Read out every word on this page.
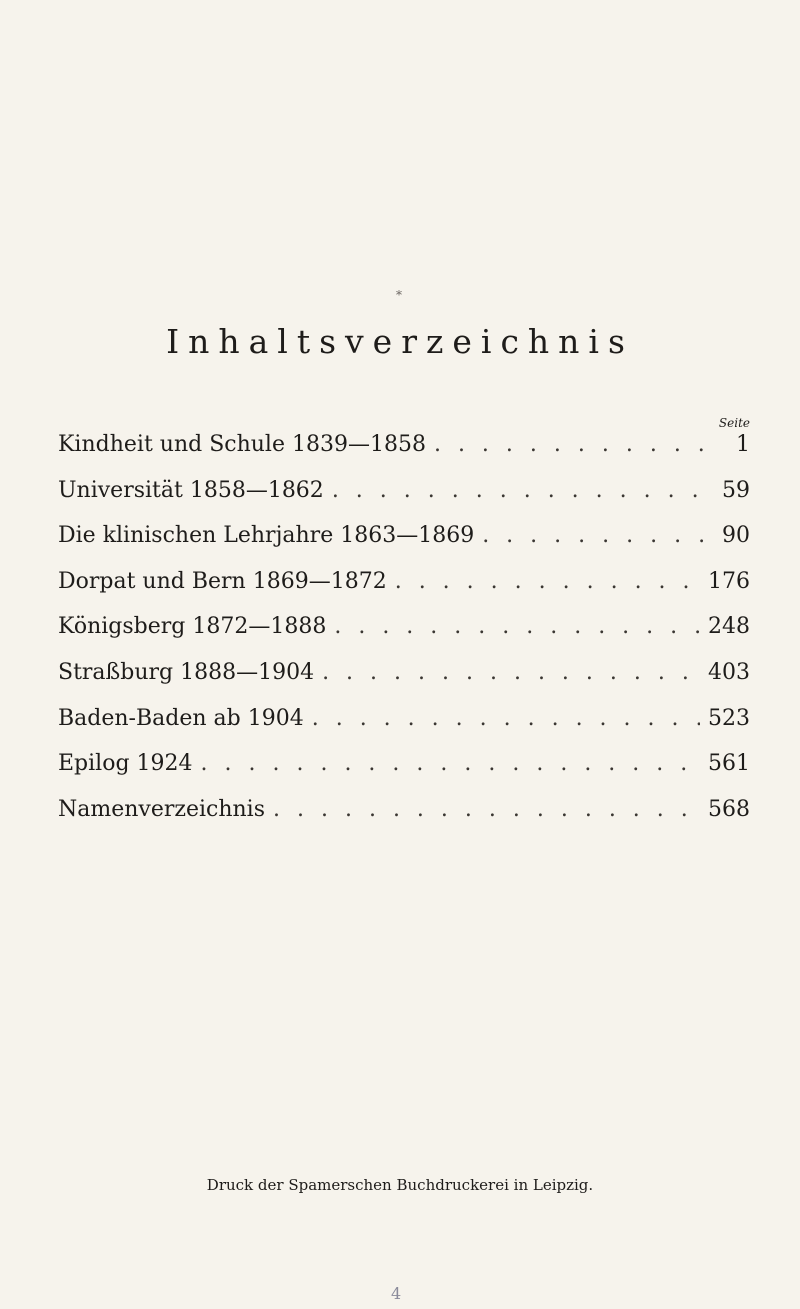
*
Inhaltsverzeichnis
Seite
Kindheit und Schule 1839—1858 . . .	1
Universität 1858—1862 . . .	59
Die klinischen Lehrjahre 1863—1869 . . .	90
Dorpat und Bern 1869—1872 . . .	176
Königsberg 1872—1888 . . .	248
Straßburg 1888—1904 . . .	403
Baden-Baden ab 1904 . . .	523
Epilog 1924 . . .	561
Namenverzeichnis . . .	568
Druck der Spamerschen Buchdruckerei in Leipzig.
4
